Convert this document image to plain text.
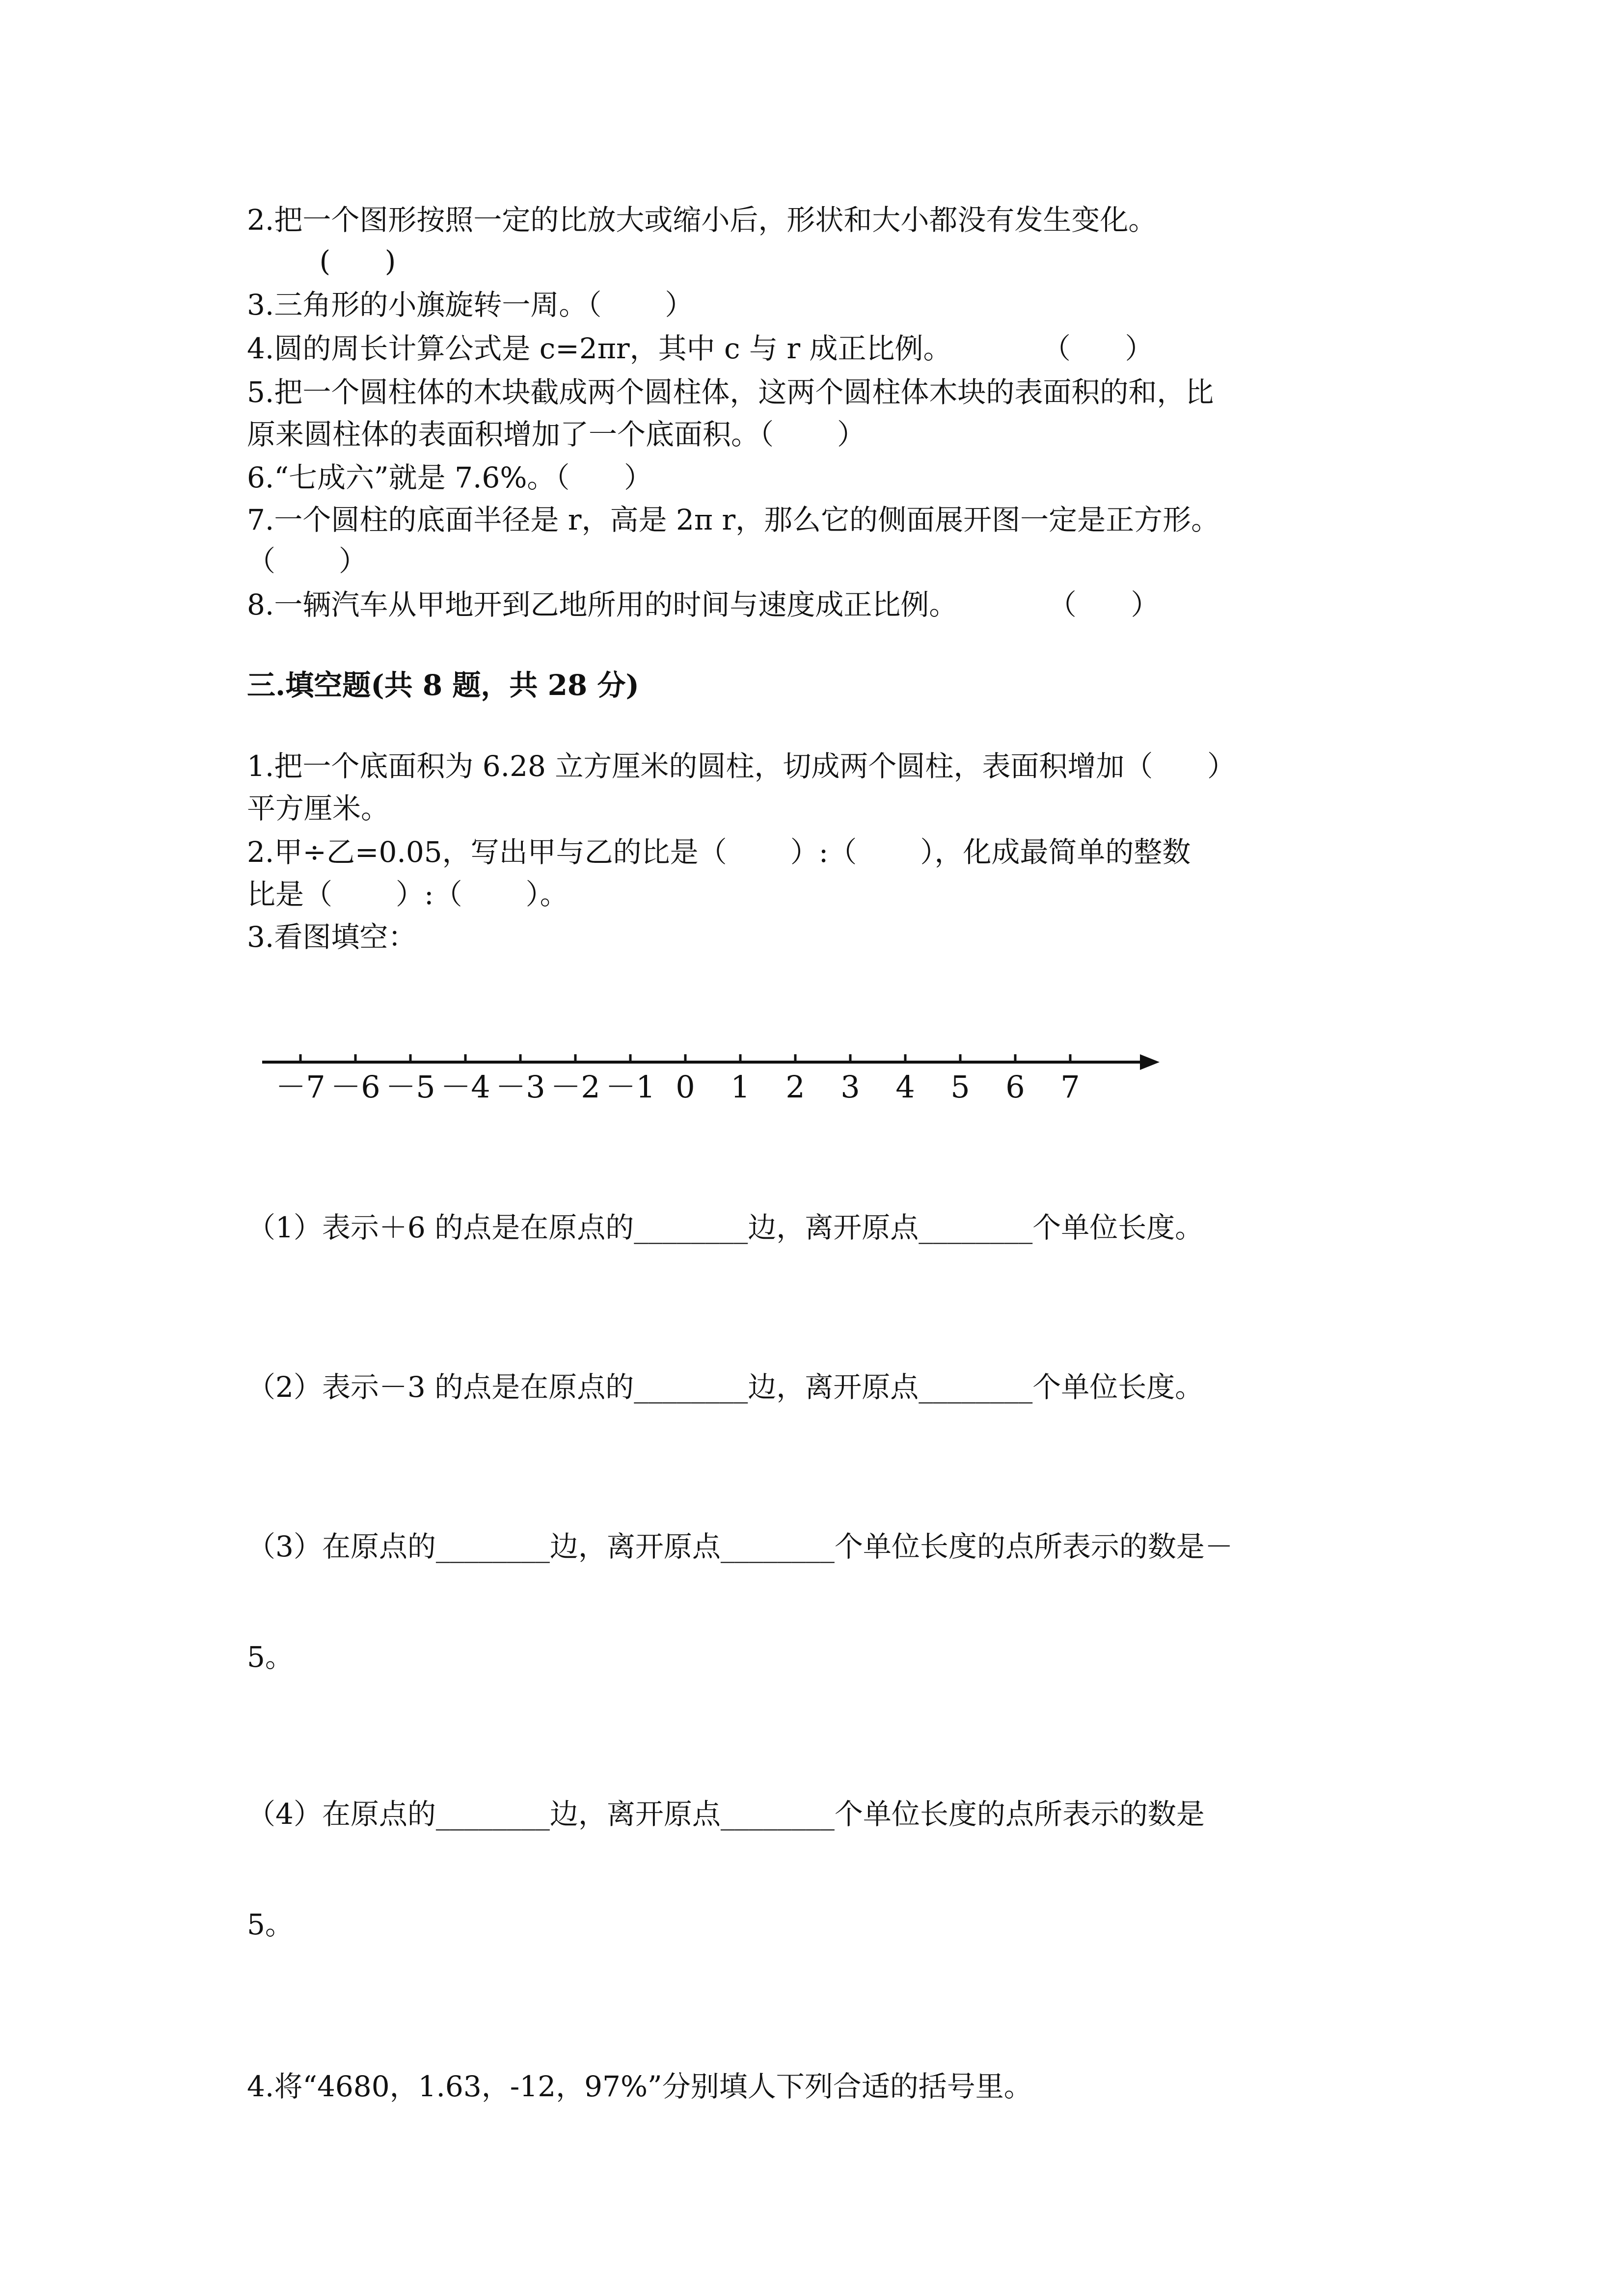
2.把一个图形按照一定的比放大或缩小后，形状和大小都没有发生变化。
(      )
3.三角形的小旗旋转一周。（       ）
4.圆的周长计算公式是 c=2πr，其中 c 与 r 成正比例。          （      ）
5.把一个圆柱体的木块截成两个圆柱体，这两个圆柱体木块的表面积的和，比
原来圆柱体的表面积增加了一个底面积。（       ）
6.“七成六”就是 7.6%。（      ）
7.一个圆柱的底面半径是 r，高是 2π r，那么它的侧面展开图一定是正方形。
（       ）
8.一辆汽车从甲地开到乙地所用的时间与速度成正比例。          （      ）
三.填空题(共 8 题，共 28 分)
1.把一个底面积为 6.28 立方厘米的圆柱，切成两个圆柱，表面积增加（      ）
平方厘米。
2.甲÷乙=0.05，写出甲与乙的比是（       ）:（       ），化成最简单的整数
比是（       ）:（       ）。
3.看图填空：
－7 －6 －5 －4 －3 －2 －1 0 1 2 3 4 5 6 7
（1）表示＋6 的点是在原点的________边，离开原点________个单位长度。
（2）表示－3 的点是在原点的________边，离开原点________个单位长度。
（3）在原点的________边，离开原点________个单位长度的点所表示的数是－
5。
（4）在原点的________边，离开原点________个单位长度的点所表示的数是
5。
4.将“4680，1.63，-12，97%”分别填人下列合适的括号里。
